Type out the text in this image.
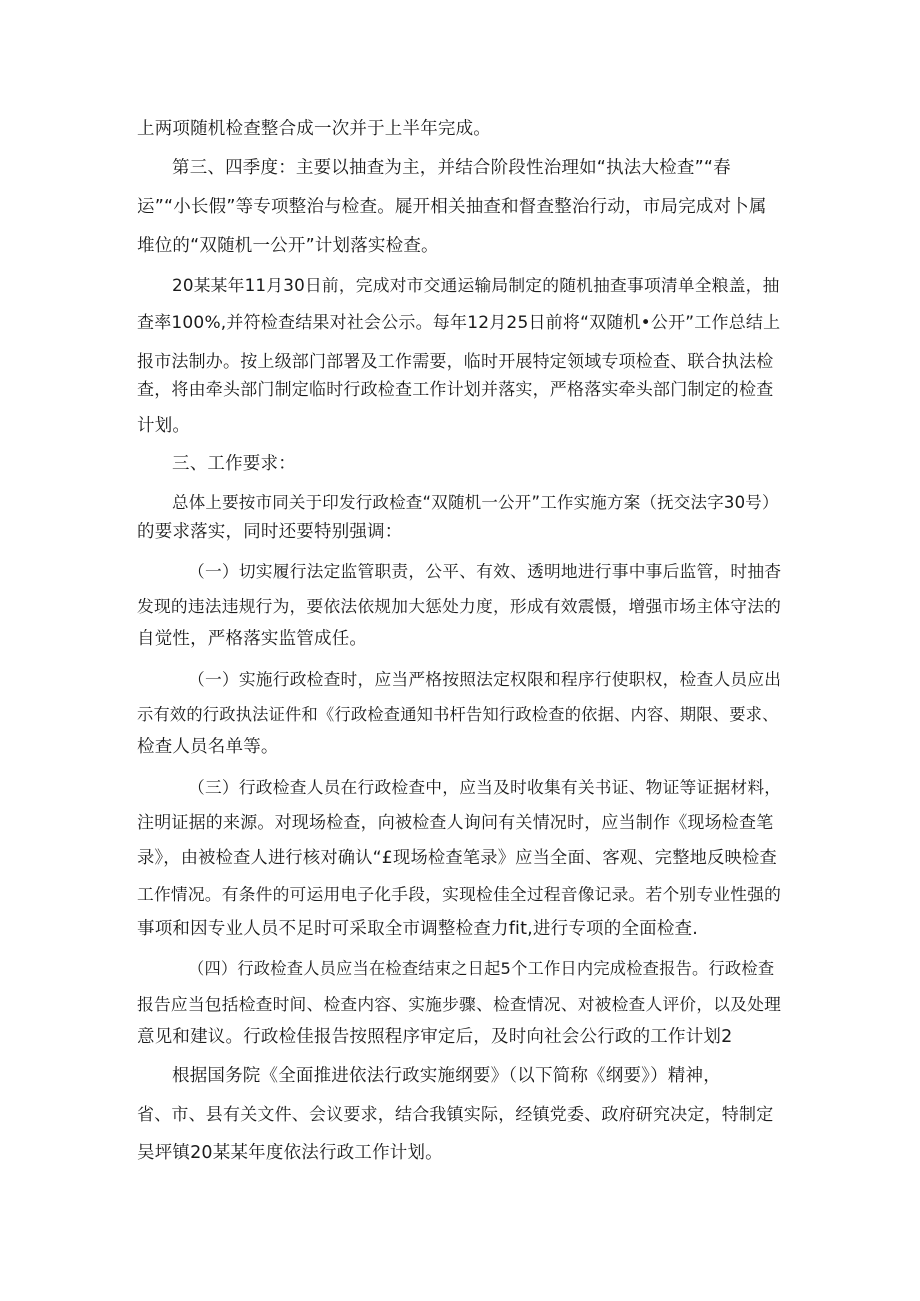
上两项随机检查整合成一次并于上半年完成。
第三、四季度：主要以抽查为主，并结合阶段性治理如“执法大检查”“春
运”“小长假”等专项整治与检查。屣开相关抽查和督查整治行动，市局完成对卜属
堆位的“双随机一公开”计划落实检查。
20某某年11月30日前，完成对市交通运输局制定的随机抽查事项清单全粮盖，抽
查率100%,并符检查结果对社会公示。每年12月25日前将“双随机•公开”工作总结上
报市法制办。按上级部门部署及工作需要，临时开展特定领域专项检查、联合执法检
查，将由牵头部门制定临时行政检查工作计划并落实，严格落实牵头部门制定的检查
计划。
三、工作要求：
总体上要按市同关于印发行政检查“双随机一公开”工作实施方案（抚交法字30号）
的要求落实，同时还要特别强调：
（一）切实履行法定监管职责，公平、有效、透明地进行事中事后监管，时抽杳
发现的违法违规行为，要依法依规加大惩处力度，形成有效震慑，增强市场主体守法的
自觉性，严格落实监管成任。
（一）实施行政检查时，应当严格按照法定权限和程序行使职权，检查人员应出
示有效的行政执法证件和《行政检查通知书杆告知行政检查的依据、内容、期限、要求、
检查人员名单等。
（三）行政检查人员在行政检查中，应当及时收集有关书证、物证等证据材料，
注明证据的来源。对现场检查，向被检查人询问有关情况时，应当制作《现场检查笔
录》，由被检查人进行核对确认“£现场检查笔录》应当全面、客观、完整地反映检查
工作情况。有条件的可运用电子化手段，实现检佳全过程音像记录。若个别专业性强的
事项和因专业人员不足时可采取全市调整检查力fit,进行专项的全面检查.
（四）行政检查人员应当在检查结束之日起5个工作日内完成检查报告。行政检查
报告应当包括检查时间、检查内容、实施步骤、检查情况、对被检查人评价，以及处理
意见和建议。行政检佳报告按照程序审定后，及时向社会公行政的工作计划2
根据国务院《全面推进依法行政实施纲要》（以下简称《纲要》）精神，
省、市、县有关文件、会议要求，结合我镇实际，经镇党委、政府研究决定，特制定
吴坪镇20某某年度依法行政工作计划。
